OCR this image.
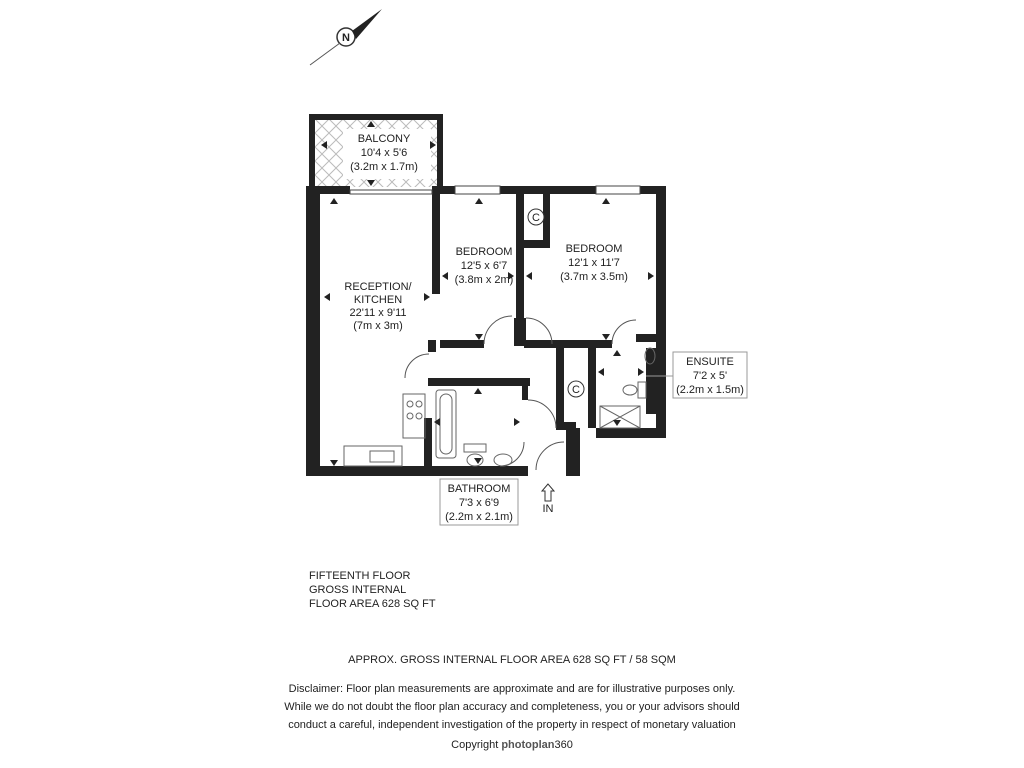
N
C
C
BALCONY
10'4 x 5'6
(3.2m x 1.7m)
RECEPTION/
KITCHEN
22'11 x 9'11
(7m x 3m)
BEDROOM
12'5 x 6'7
(3.8m x 2m)
BEDROOM
12'1 x 11'7
(3.7m x 3.5m)
ENSUITE
7'2 x 5'
(2.2m x 1.5m)
BATHROOM
7'3 x 6'9
(2.2m x 2.1m)
IN
FIFTEENTH FLOOR
GROSS INTERNAL
FLOOR AREA 628 SQ FT
APPROX. GROSS INTERNAL FLOOR AREA 628 SQ FT / 58 SQM
Disclaimer: Floor plan measurements are approximate and are for illustrative purposes only.
While we do not doubt the floor plan accuracy and completeness, you or your advisors should
conduct a careful, independent investigation of the property in respect of monetary valuation
Copyright photoplan360
